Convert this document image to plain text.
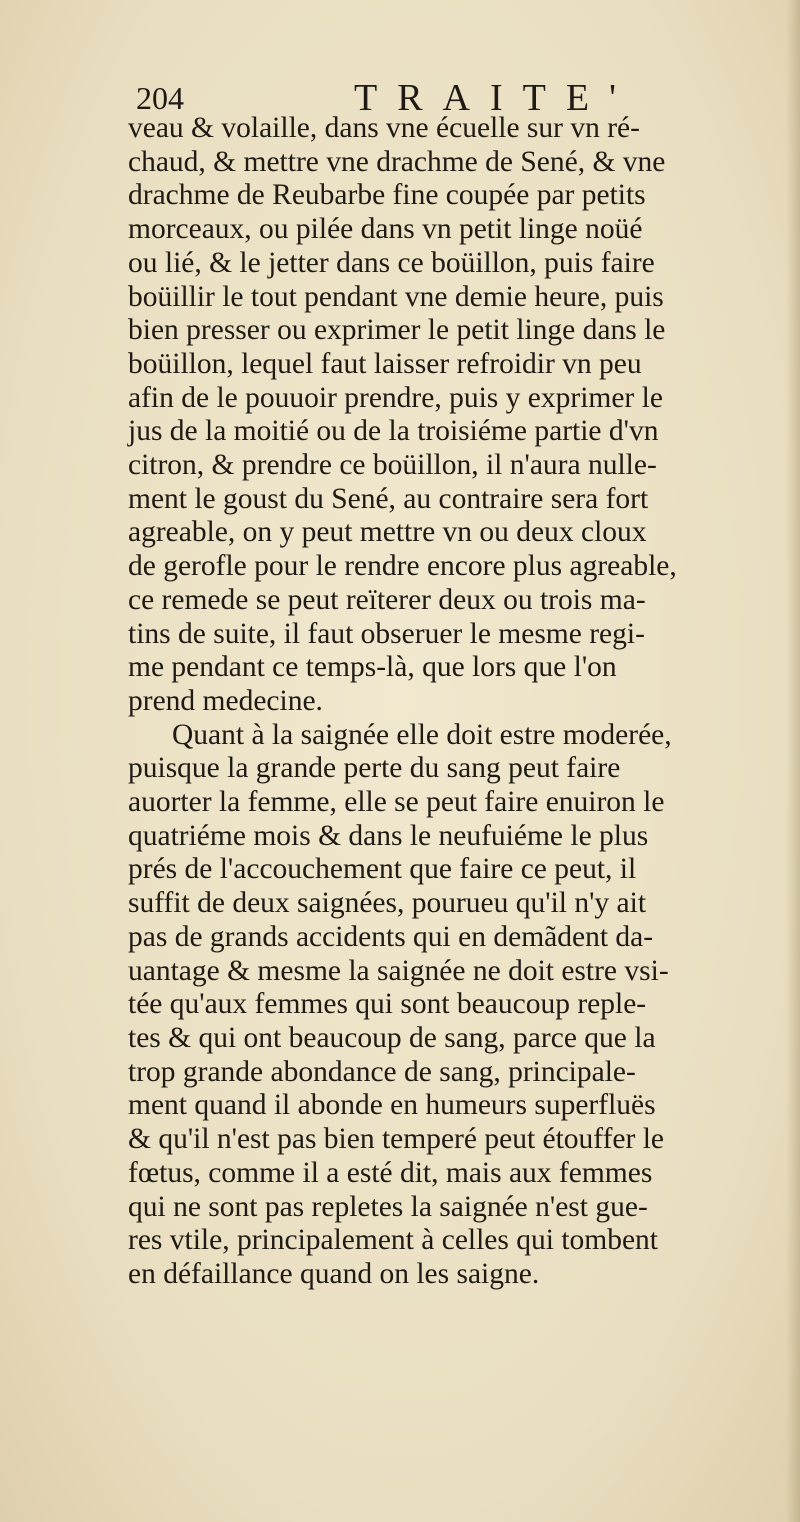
204	TRAITE'
veau & volaille, dans vne écuelle sur vn ré-
chaud, & mettre vne drachme de Sené, & vne
drachme de Reubarbe fine coupée par petits
morceaux, ou pilée dans vn petit linge noüé
ou lié, & le jetter dans ce boüillon, puis faire
boüillir le tout pendant vne demie heure, puis
bien presser ou exprimer le petit linge dans le
boüillon, lequel faut laisser refroidir vn peu
afin de le pouuoir prendre, puis y exprimer le
jus de la moitié ou de la troisiéme partie d'vn
citron, & prendre ce boüillon, il n'aura nulle-
ment le goust du Sené, au contraire sera fort
agreable, on y peut mettre vn ou deux cloux
de gerofle pour le rendre encore plus agreable,
ce remede se peut reïterer deux ou trois ma-
tins de suite, il faut obseruer le mesme regi-
me pendant ce temps-là, que lors que l'on
prend medecine.
Quant à la saignée elle doit estre moderée,
puisque la grande perte du sang peut faire
auorter la femme, elle se peut faire enuiron le
quatriéme mois & dans le neufuiéme le plus
prés de l'accouchement que faire ce peut, il
suffit de deux saignées, pourueu qu'il n'y ait
pas de grands accidents qui en demãdent da-
uantage & mesme la saignée ne doit estre vsi-
tée qu'aux femmes qui sont beaucoup reple-
tes & qui ont beaucoup de sang, parce que la
trop grande abondance de sang, principale-
ment quand il abonde en humeurs superfluës
& qu'il n'est pas bien temperé peut étouffer le
fœtus, comme il a esté dit, mais aux femmes
qui ne sont pas repletes la saignée n'est gue-
res vtile, principalement à celles qui tombent
en défaillance quand on les saigne.
